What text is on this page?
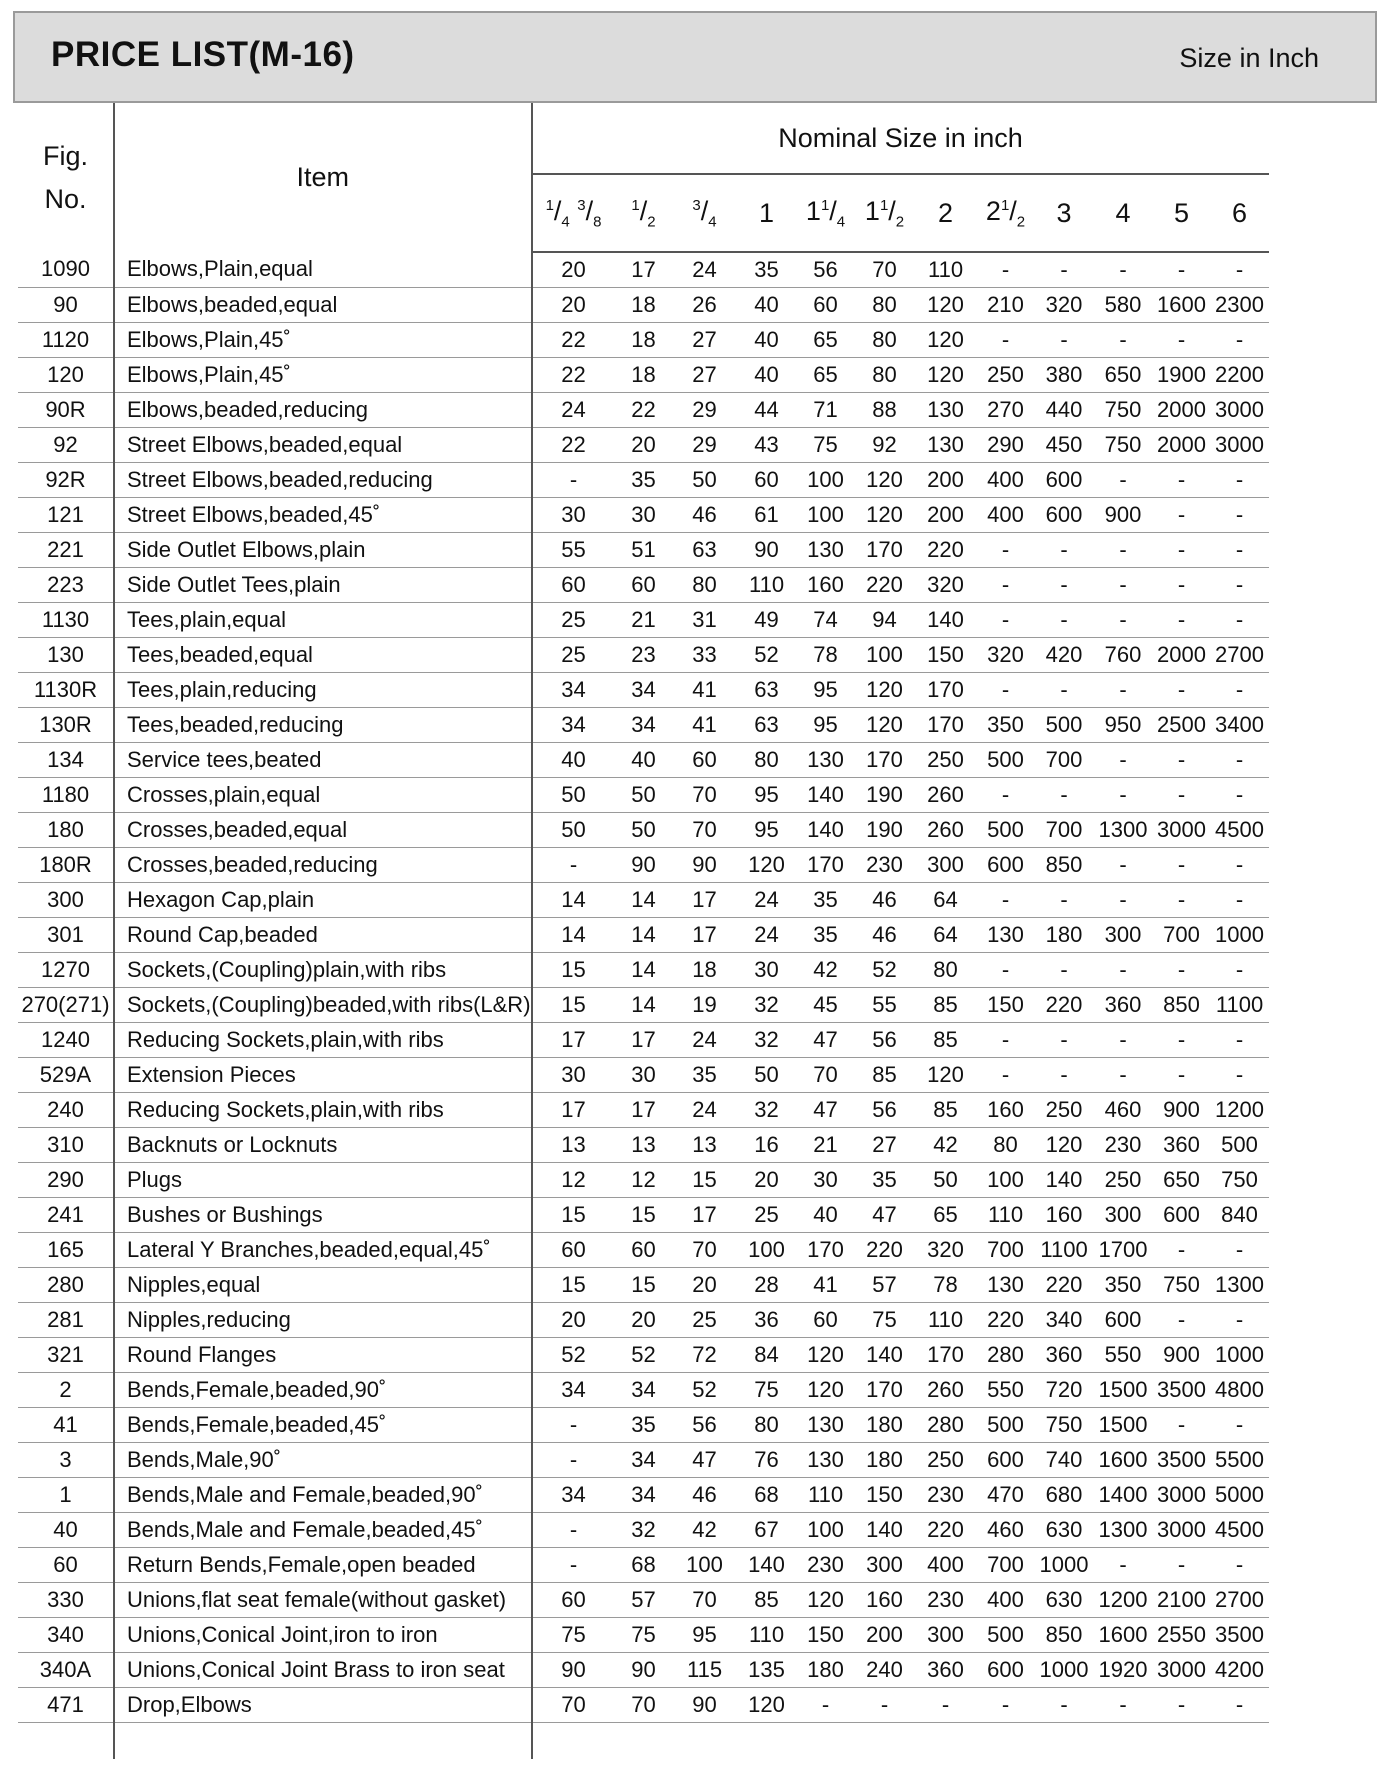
PRICE LIST(M-16)	Size in Inch
Fig.
No.	Item	Nominal Size in inch											
		$^1/_4$ $^3/_8$	$^1/_2$	$^3/_4$	1	$1^1/_4$	$1^1/_2$	2	$2^1/_2$	3	4	5	6
1090	Elbows,Plain,equal	20	17	24	35	56	70	110	-	-	-	-	-
90	Elbows,beaded,equal	20	18	26	40	60	80	120	210	320	580	1600	2300
1120	Elbows,Plain,45˚	22	18	27	40	65	80	120	-	-	-	-	-
120	Elbows,Plain,45˚	22	18	27	40	65	80	120	250	380	650	1900	2200
90R	Elbows,beaded,reducing	24	22	29	44	71	88	130	270	440	750	2000	3000
92	Street Elbows,beaded,equal	22	20	29	43	75	92	130	290	450	750	2000	3000
92R	Street Elbows,beaded,reducing	-	35	50	60	100	120	200	400	600	-	-	-
121	Street Elbows,beaded,45˚	30	30	46	61	100	120	200	400	600	900	-	-
221	Side Outlet Elbows,plain	55	51	63	90	130	170	220	-	-	-	-	-
223	Side Outlet Tees,plain	60	60	80	110	160	220	320	-	-	-	-	-
1130	Tees,plain,equal	25	21	31	49	74	94	140	-	-	-	-	-
130	Tees,beaded,equal	25	23	33	52	78	100	150	320	420	760	2000	2700
1130R	Tees,plain,reducing	34	34	41	63	95	120	170	-	-	-	-	-
130R	Tees,beaded,reducing	34	34	41	63	95	120	170	350	500	950	2500	3400
134	Service tees,beated	40	40	60	80	130	170	250	500	700	-	-	-
1180	Crosses,plain,equal	50	50	70	95	140	190	260	-	-	-	-	-
180	Crosses,beaded,equal	50	50	70	95	140	190	260	500	700	1300	3000	4500
180R	Crosses,beaded,reducing	-	90	90	120	170	230	300	600	850	-	-	-
300	Hexagon Cap,plain	14	14	17	24	35	46	64	-	-	-	-	-
301	Round Cap,beaded	14	14	17	24	35	46	64	130	180	300	700	1000
1270	Sockets,(Coupling)plain,with ribs	15	14	18	30	42	52	80	-	-	-	-	-
270(271)	Sockets,(Coupling)beaded,with ribs(L&R)	15	14	19	32	45	55	85	150	220	360	850	1100
1240	Reducing Sockets,plain,with ribs	17	17	24	32	47	56	85	-	-	-	-	-
529A	Extension Pieces	30	30	35	50	70	85	120	-	-	-	-	-
240	Reducing Sockets,plain,with ribs	17	17	24	32	47	56	85	160	250	460	900	1200
310	Backnuts or Locknuts	13	13	13	16	21	27	42	80	120	230	360	500
290	Plugs	12	12	15	20	30	35	50	100	140	250	650	750
241	Bushes or Bushings	15	15	17	25	40	47	65	110	160	300	600	840
165	Lateral Y Branches,beaded,equal,45˚	60	60	70	100	170	220	320	700	1100	1700	-	-
280	Nipples,equal	15	15	20	28	41	57	78	130	220	350	750	1300
281	Nipples,reducing	20	20	25	36	60	75	110	220	340	600	-	-
321	Round Flanges	52	52	72	84	120	140	170	280	360	550	900	1000
2	Bends,Female,beaded,90˚	34	34	52	75	120	170	260	550	720	1500	3500	4800
41	Bends,Female,beaded,45˚	-	35	56	80	130	180	280	500	750	1500	-	-
3	Bends,Male,90˚	-	34	47	76	130	180	250	600	740	1600	3500	5500
1	Bends,Male and Female,beaded,90˚	34	34	46	68	110	150	230	470	680	1400	3000	5000
40	Bends,Male and Female,beaded,45˚	-	32	42	67	100	140	220	460	630	1300	3000	4500
60	Return Bends,Female,open beaded	-	68	100	140	230	300	400	700	1000	-	-	-
330	Unions,flat seat female(without gasket)	60	57	70	85	120	160	230	400	630	1200	2100	2700
340	Unions,Conical Joint,iron to iron	75	75	95	110	150	200	300	500	850	1600	2550	3500
340A	Unions,Conical Joint Brass to iron seat	90	90	115	135	180	240	360	600	1000	1920	3000	4200
471	Drop,Elbows	70	70	90	120	-	-	-	-	-	-	-	-
